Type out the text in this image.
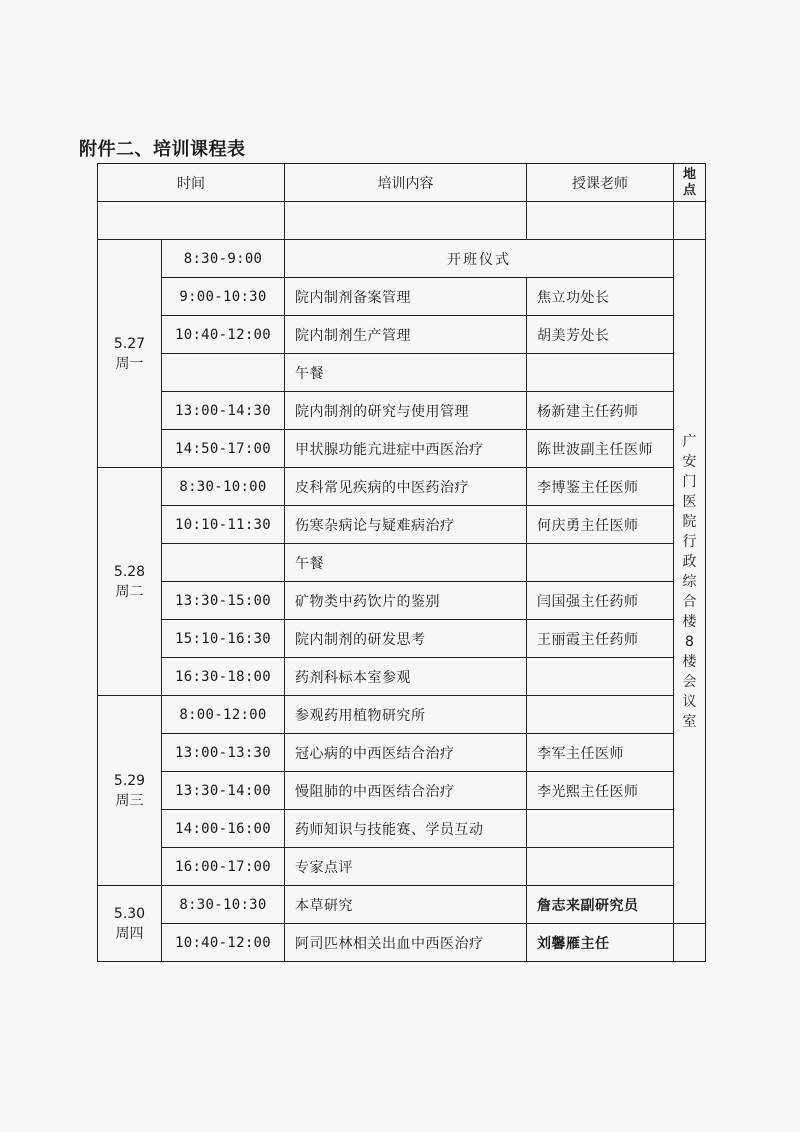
附件二、培训课程表
时间		培训内容	授课老师	地点

5.27
周一	8:30-9:00	开班仪式		广安门医院行政综合楼8楼会议室

	9:00-10:30	院内制剂备案管理	焦立功处长	
	10:40-12:00	院内制剂生产管理	胡美芳处长	
		午餐		
	13:00-14:30	院内制剂的研究与使用管理	杨新建主任药师	
	14:50-17:00	甲状腺功能亢进症中西医治疗	陈世波副主任医师	

5.28
周二	8:30-10:00	皮科常见疾病的中医药治疗	李博鉴主任医师	
	10:10-11:30	伤寒杂病论与疑难病治疗	何庆勇主任医师	
		午餐		
	13:30-15:00	矿物类中药饮片的鉴别	闫国强主任药师	
	15:10-16:30	院内制剂的研发思考	王丽霞主任药师	
	16:30-18:00	药剂科标本室参观		

5.29
周三	8:00-12:00	参观药用植物研究所		
	13:00-13:30	冠心病的中西医结合治疗	李军主任医师	
	13:30-14:00	慢阻肺的中西医结合治疗	李光熙主任医师	
	14:00-16:00	药师知识与技能赛、学员互动		
	16:00-17:00	专家点评		

5.30
周四	8:30-10:30	本草研究	詹志来副研究员	
	10:40-12:00	阿司匹林相关出血中西医治疗	刘馨雁主任	
